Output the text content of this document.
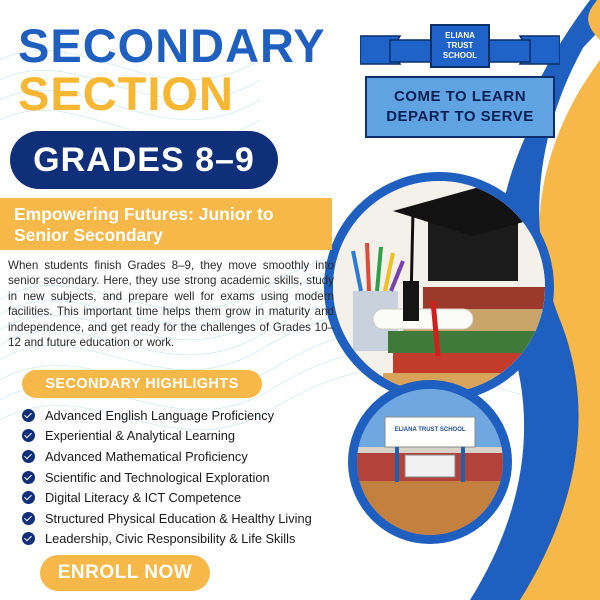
SECONDARY
SECTION
GRADES 8–9
ELIANA
TRUST
SCHOOL
COME TO LEARN
DEPART TO SERVE
ELIANA TRUST SCHOOL
Empowering Futures: Junior to
Senior Secondary

When students finish Grades 8–9, they move smoothly into senior secondary. Here, they use strong academic skills, study in new subjects, and prepare well for exams using modern facilities. This important time helps them grow in maturity and independence, and get ready for the challenges of Grades 10–12 and future education or work.

SECONDARY HIGHLIGHTS
Advanced English Language Proficiency
Experiential & Analytical Learning
Advanced Mathematical Proficiency
Scientific and Technological Exploration
Digital Literacy & ICT Competence
Structured Physical Education & Healthy Living
Leadership, Civic Responsibility & Life Skills
ENROLL NOW
